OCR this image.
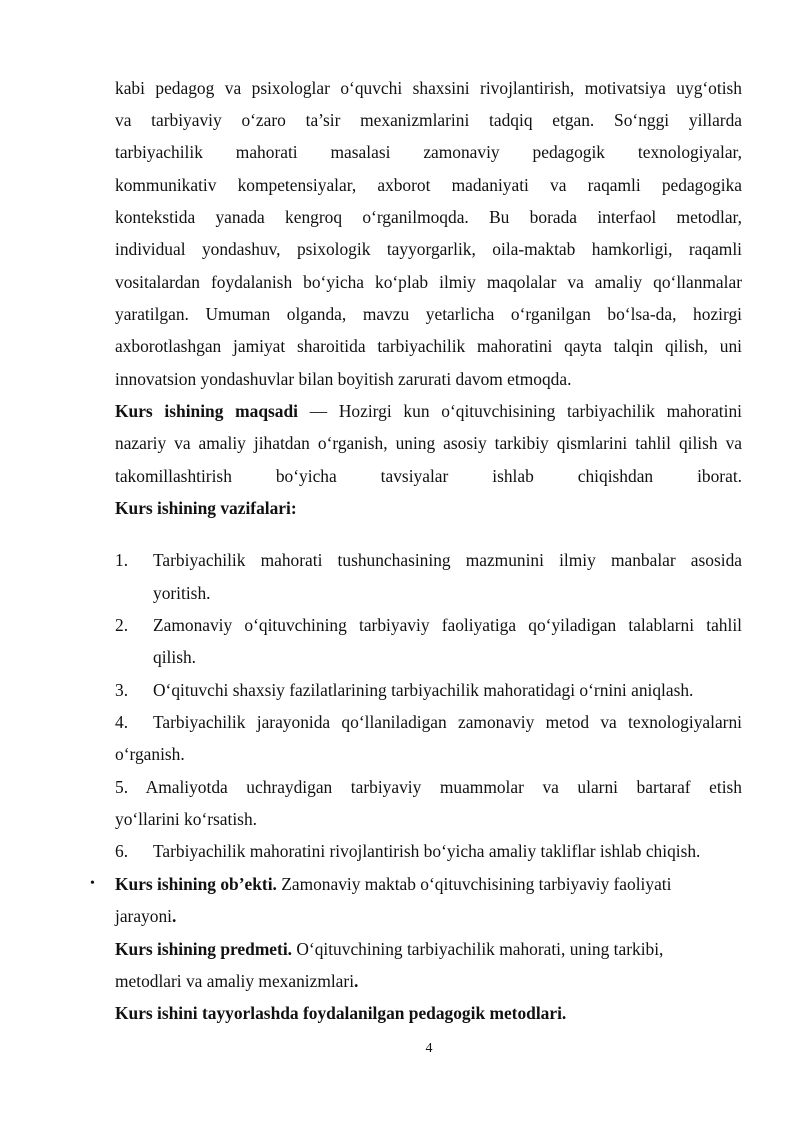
kabi pedagog va psixologlar o‘quvchi shaxsini rivojlantirish, motivatsiya uyg‘otish
va tarbiyaviy o‘zaro ta’sir mexanizmlarini tadqiq etgan. So‘nggi yillarda
tarbiyachilik mahorati masalasi zamonaviy pedagogik texnologiyalar,
kommunikativ kompetensiyalar, axborot madaniyati va raqamli pedagogika
kontekstida yanada kengroq o‘rganilmoqda. Bu borada interfaol metodlar,
individual yondashuv, psixologik tayyorgarlik, oila-maktab hamkorligi, raqamli
vositalardan foydalanish bo‘yicha ko‘plab ilmiy maqolalar va amaliy qo‘llanmalar
yaratilgan. Umuman olganda, mavzu yetarlicha o‘rganilgan bo‘lsa-da, hozirgi
axborotlashgan jamiyat sharoitida tarbiyachilik mahoratini qayta talqin qilish, uni
innovatsion yondashuvlar bilan boyitish zarurati davom etmoqda.
Kurs ishining maqsadi — Hozirgi kun o‘qituvchisining tarbiyachilik mahoratini
nazariy va amaliy jihatdan o‘rganish, uning asosiy tarkibiy qismlarini tahlil qilish va
takomillashtirish bo‘yicha tavsiyalar ishlab chiqishdan iborat.
Kurs ishining vazifalari:
1. Tarbiyachilik mahorati tushunchasining mazmunini ilmiy manbalar asosida
yoritish.
2. Zamonaviy o‘qituvchining tarbiyaviy faoliyatiga qo‘yiladigan talablarni tahlil
qilish.
3. O‘qituvchi shaxsiy fazilatlarining tarbiyachilik mahoratidagi o‘rnini aniqlash.
4. Tarbiyachilik jarayonida qo‘llaniladigan zamonaviy metod va texnologiyalarni
o‘rganish.
5. Amaliyotda uchraydigan tarbiyaviy muammolar va ularni bartaraf etish
yo‘llarini ko‘rsatish.
6. Tarbiyachilik mahoratini rivojlantirish bo‘yicha amaliy takliflar ishlab chiqish.
• Kurs ishining ob’ekti. Zamonaviy maktab o‘qituvchisining tarbiyaviy faoliyati
jarayoni.
Kurs ishining predmeti. O‘qituvchining tarbiyachilik mahorati, uning tarkibi,
metodlari va amaliy mexanizmlari.
Kurs ishini tayyorlashda foydalanilgan pedagogik metodlari.
4
